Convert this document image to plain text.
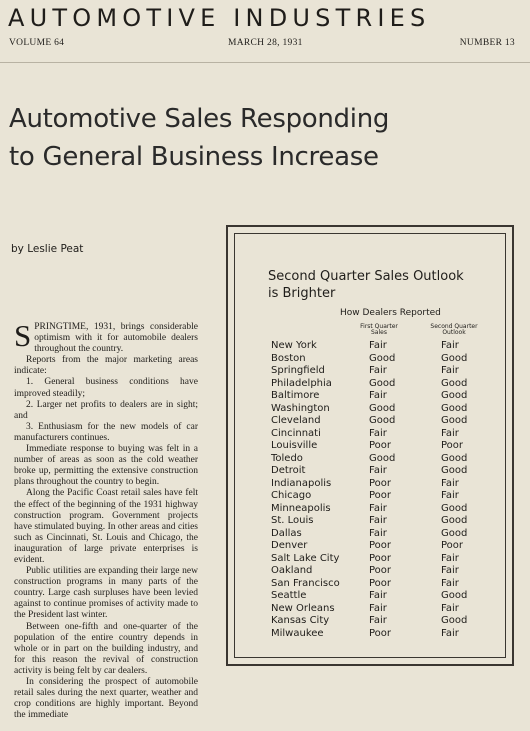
AUTOMOTIVE INDUSTRIES
VOLUME 64	MARCH 28, 1931	NUMBER 13
Automotive Sales Responding
to General Business Increase
by Leslie Peat

SPRINGTIME, 1931, brings considerable optimism with it for automobile dealers throughout the country.

Reports from the major marketing areas indicate:

1. General business conditions have improved steadily;

2. Larger net profits to dealers are in sight; and

3. Enthusiasm for the new models of car manufacturers continues.

Immediate response to buying was felt in a number of areas as soon as the cold weather broke up, permitting the extensive construction plans throughout the country to begin.

Along the Pacific Coast retail sales have felt the effect of the beginning of the 1931 highway construction program. Government projects have stimulated buying. In other areas and cities such as Cincinnati, St. Louis and Chicago, the inauguration of large private enterprises is evident.

Public utilities are expanding their large new construction programs in many parts of the country. Large cash surpluses have been levied against to continue promises of activity made to the President last winter.

Between one-fifth and one-quarter of the population of the entire country depends in whole or in part on the building industry, and for this reason the revival of construction activity is being felt by car dealers.

In considering the prospect of automobile retail sales during the next quarter, weather and crop conditions are highly important. Beyond the immediate

Second Quarter Sales Outlook
is Brighter
How Dealers Reported
First Quarter
Sales
Second Quarter
Outlook
New York	Fair	Fair
Boston	Good	Good
Springfield	Fair	Fair
Philadelphia	Good	Good
Baltimore	Fair	Good
Washington	Good	Good
Cleveland	Good	Good
Cincinnati	Fair	Fair
Louisville	Poor	Poor
Toledo	Good	Good
Detroit	Fair	Good
Indianapolis	Poor	Fair
Chicago	Poor	Fair
Minneapolis	Fair	Good
St. Louis	Fair	Good
Dallas	Fair	Good
Denver	Poor	Poor
Salt Lake City	Poor	Fair
Oakland	Poor	Fair
San Francisco	Poor	Fair
Seattle	Fair	Good
New Orleans	Fair	Fair
Kansas City	Fair	Good
Milwaukee	Poor	Fair
